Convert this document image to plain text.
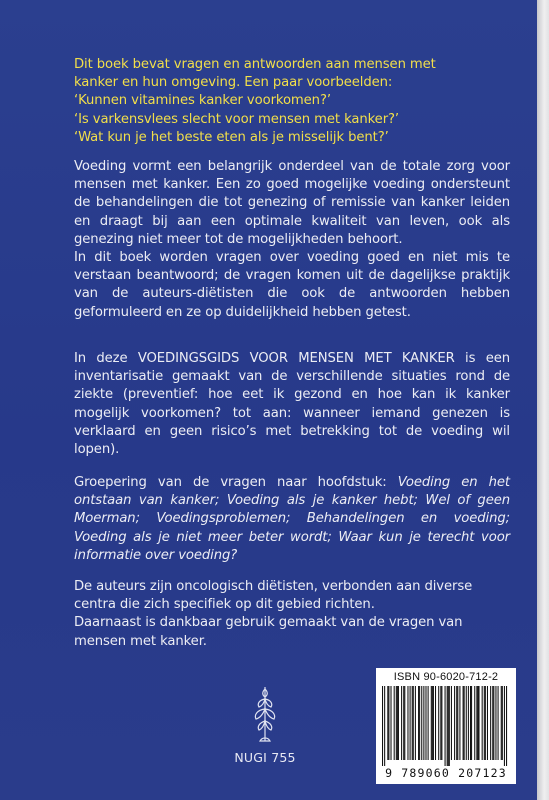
Dit boek bevat vragen en antwoorden aan mensen met
kanker en hun omgeving. Een paar voorbeelden:
‘Kunnen vitamines kanker voorkomen?’
‘Is varkensvlees slecht voor mensen met kanker?’
‘Wat kun je het beste eten als je misselijk bent?’
Voeding vormt een belangrijk onderdeel van de totale zorg voor mensen met kanker. Een zo goed mogelijke voeding ondersteunt de behandelingen die tot genezing of remissie van kanker leiden en draagt bij aan een optimale kwaliteit van leven, ook als genezing niet meer tot de mogelijkheden behoort.
In dit boek worden vragen over voeding goed en niet mis te verstaan beantwoord; de vragen komen uit de dagelijkse praktijk van de auteurs-diëtisten die ook de antwoorden hebben geformuleerd en ze op duidelijkheid hebben getest.
In deze VOEDINGSGIDS VOOR MENSEN MET KANKER is een inventarisatie gemaakt van de verschillende situaties rond de ziekte (preventief: hoe eet ik gezond en hoe kan ik kanker mogelijk voorkomen? tot aan: wanneer iemand genezen is verklaard en geen risico’s met betrekking tot de voeding wil lopen).
Groepering van de vragen naar hoofdstuk: Voeding en het ontstaan van kanker; Voeding als je kanker hebt; Wel of geen Moerman; Voedingsproblemen; Behandelingen en voeding; Voeding als je niet meer beter wordt; Waar kun je terecht voor informatie over voeding?
De auteurs zijn oncologisch diëtisten, verbonden aan diverse centra die zich specifiek op dit gebied richten.
Daarnaast is dankbaar gebruik gemaakt van de vragen van mensen met kanker.
NUGI 755
ISBN 90-6020-712-2
9 789060 207123
